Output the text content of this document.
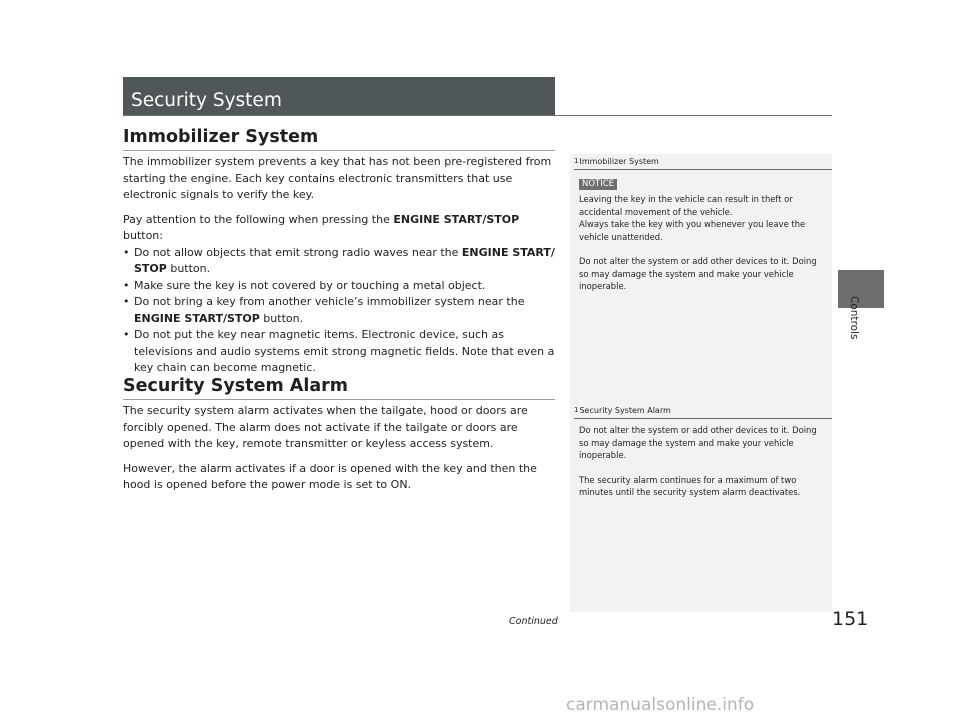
Security System
Immobilizer System

The immobilizer system prevents a key that has not been pre-registered from starting the engine. Each key contains electronic transmitters that use electronic signals to verify the key.

Pay attention to the following when pressing the ENGINE START/STOP button:

• Do not allow objects that emit strong radio waves near the ENGINE START/ STOP button.
• Make sure the key is not covered by or touching a metal object.
• Do not bring a key from another vehicle’s immobilizer system near the ENGINE START/STOP button.
• Do not put the key near magnetic items. Electronic device, such as televisions and audio systems emit strong magnetic fields. Note that even a key chain can become magnetic.
Security System Alarm

The security system alarm activates when the tailgate, hood or doors are forcibly opened. The alarm does not activate if the tailgate or doors are opened with the key, remote transmitter or keyless access system.

However, the alarm activates if a door is opened with the key and then the hood is opened before the power mode is set to ON.

1Immobilizer System
NOTICE

Leaving the key in the vehicle can result in theft or accidental movement of the vehicle.

Always take the key with you whenever you leave the vehicle unattended.

Do not alter the system or add other devices to it. Doing so may damage the system and make your vehicle inoperable.

1Security System Alarm

Do not alter the system or add other devices to it. Doing so may damage the system and make your vehicle inoperable.

The security alarm continues for a maximum of two minutes until the security system alarm deactivates.

Controls
Continued	151
carmanualsonline.info
